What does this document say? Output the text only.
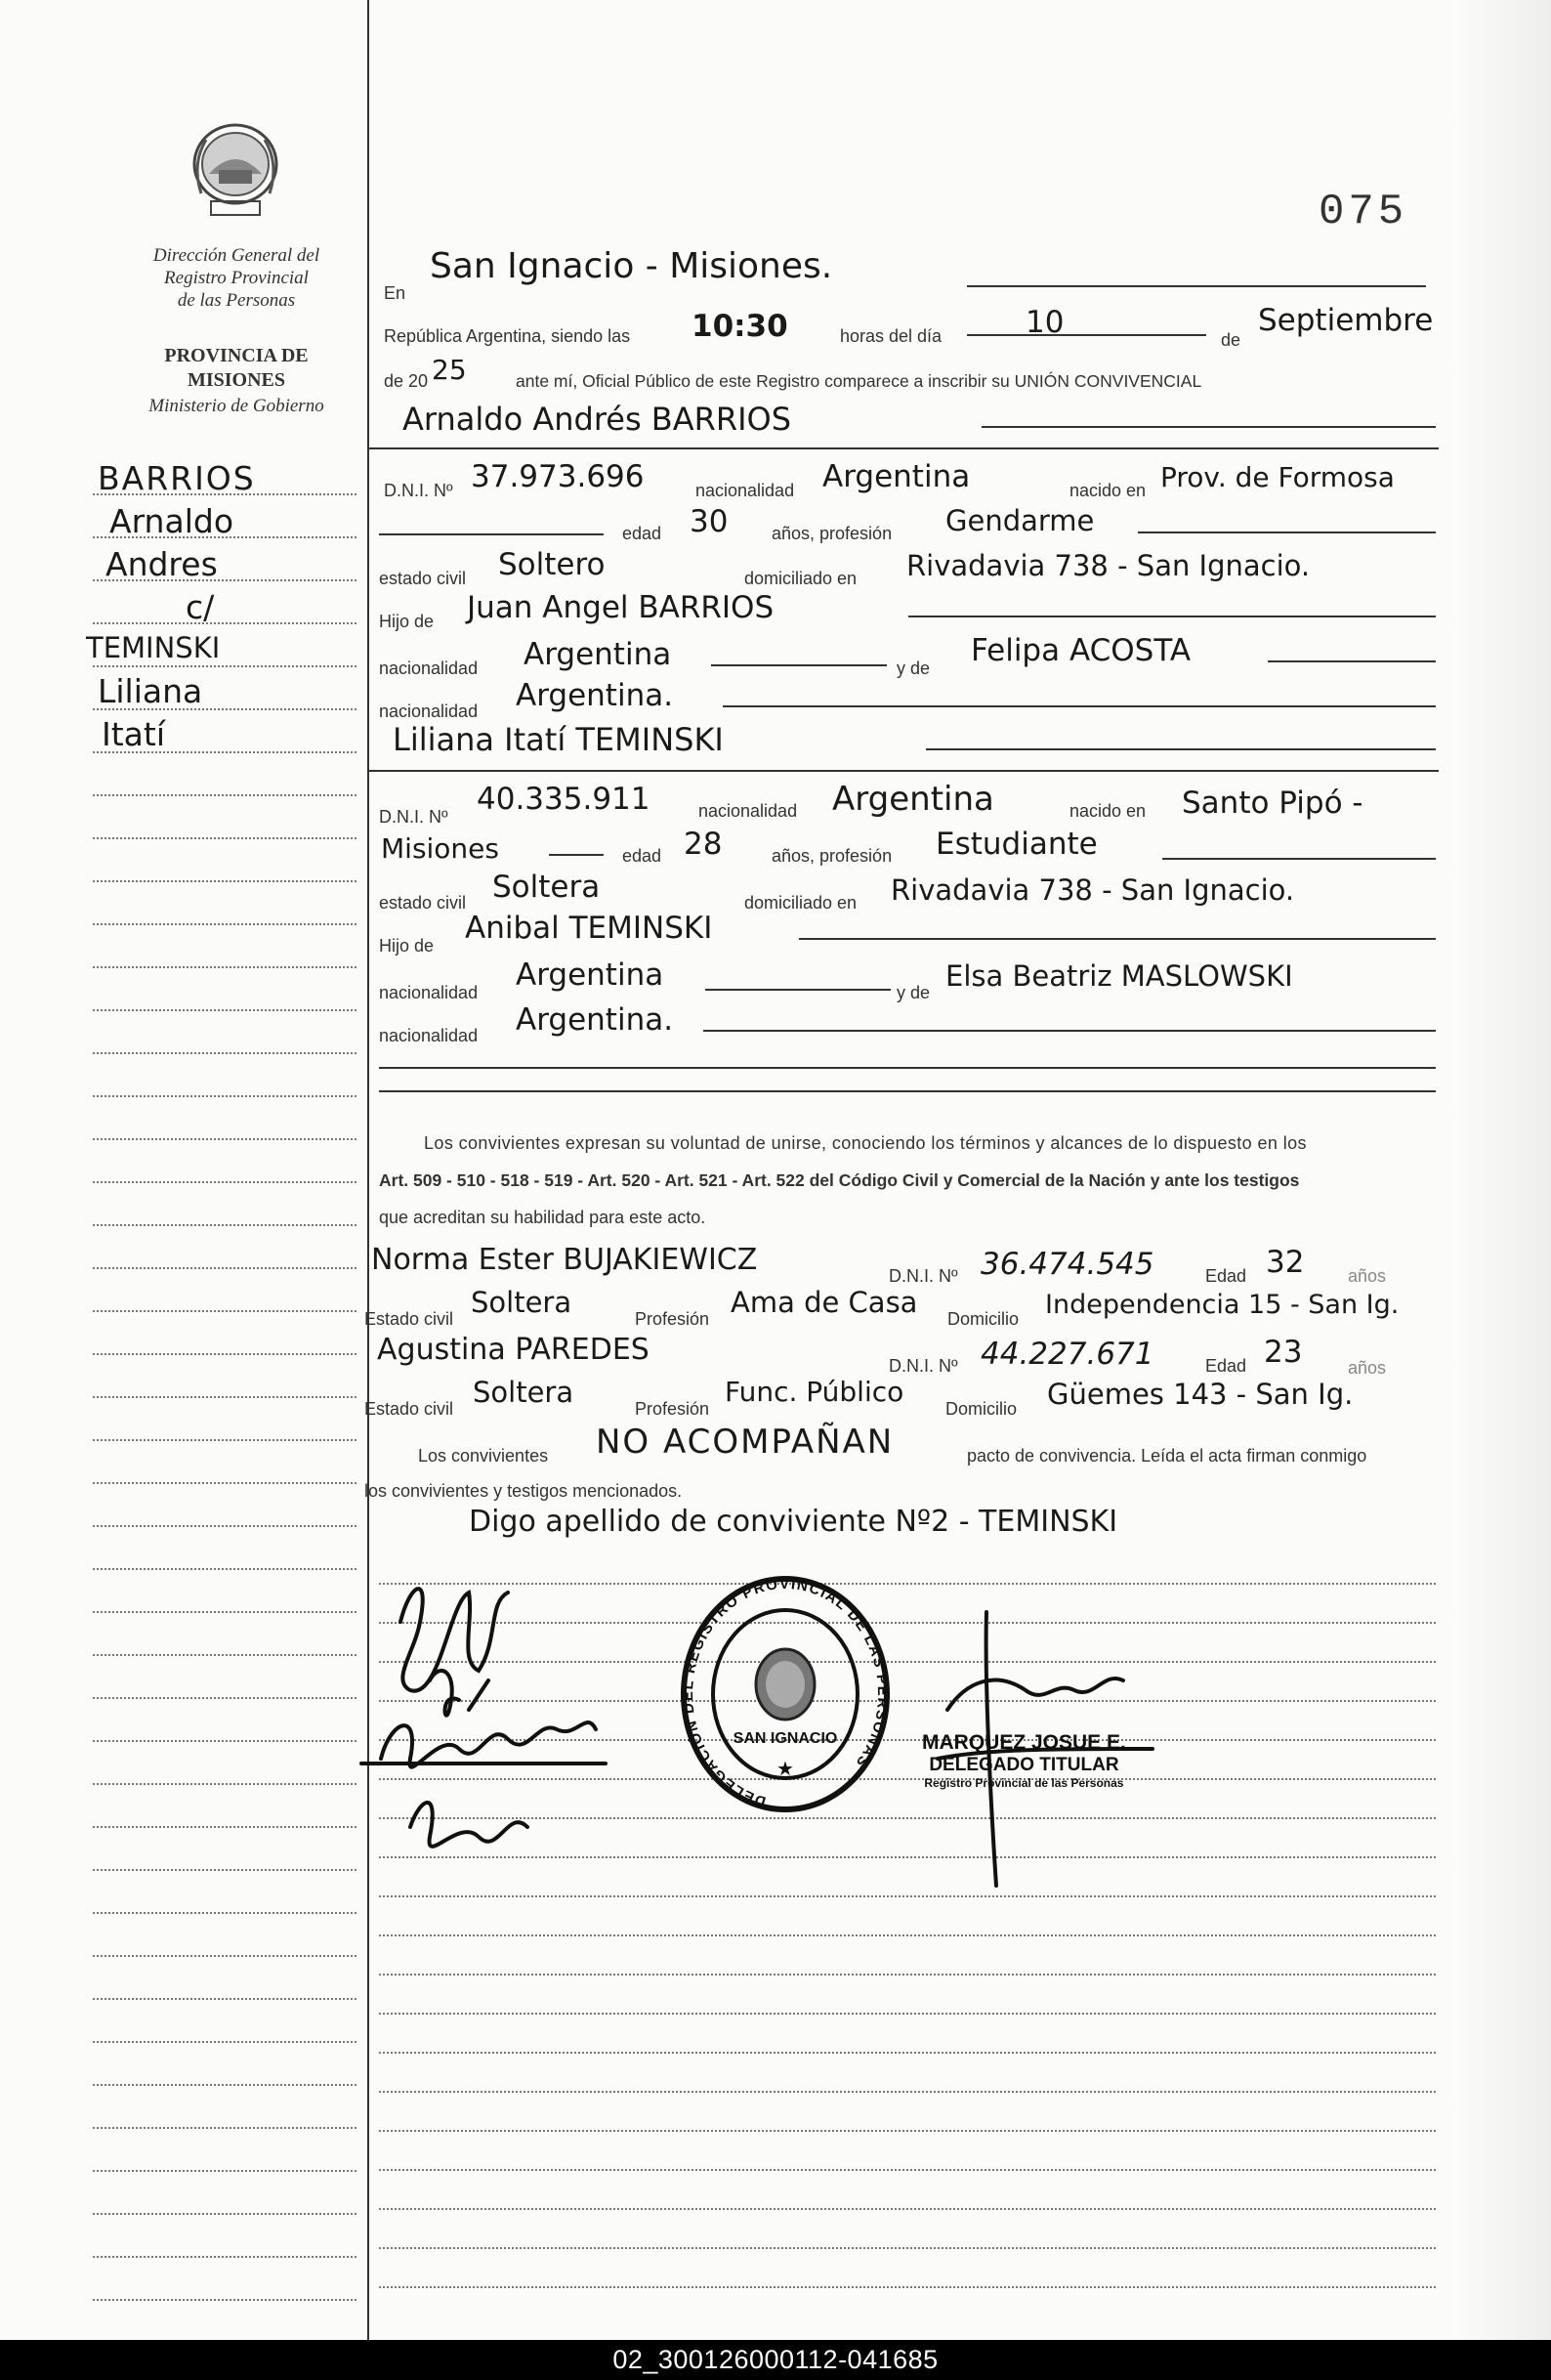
Dirección General del
Registro Provincial
de las Personas
PROVINCIA DE
MISIONES
Ministerio de Gobierno
075
BARRIOS
Arnaldo
Andres
c/
TEMINSKI
Liliana
Itatí
En
San Ignacio - Misiones.
República Argentina, siendo las 10:30	horas del día	10	de
Septiembre
de 20 25	ante mí, Oficial Público de este Registro comparece a inscribir su UNIÓN CONVIVENCIAL
Arnaldo Andrés BARRIOS
D.N.I. Nº 37.973.696	nacionalidad Argentina	nacido en Prov. de Formosa
edad 30 años, profesión Gendarme
estado civil Soltero	domiciliado en Rivadavia 738 - San Ignacio.
Hijo de Juan Angel BARRIOS
nacionalidad Argentina	y de Felipa ACOSTA
nacionalidad Argentina.
Liliana Itatí TEMINSKI
D.N.I. Nº 40.335.911	nacionalidad Argentina	nacido en Santo Pipó -
Misiones	edad 28	años, profesión Estudiante
estado civil Soltera	domiciliado en Rivadavia 738 - San Ignacio.
Hijo de Anibal TEMINSKI
nacionalidad Argentina	y de Elsa Beatriz MASLOWSKI
nacionalidad Argentina.
Los convivientes expresan su voluntad de unirse, conociendo los términos y alcances de lo dispuesto en los
Art. 509 - 510 - 518 - 519 - Art. 520 - Art. 521 - Art. 522 del Código Civil y Comercial de la Nación y ante los testigos
que acreditan su habilidad para este acto.
Norma Ester BUJAKIEWICZ	D.N.I. Nº 36.474.545	Edad 32 años
Estado civil Soltera	Profesión Ama de Casa Domicilio Independencia 15 - San Ig.
Agustina PAREDES	D.N.I. Nº 44.227.671	Edad 23	años
Estado civil Soltera	Profesión
Func. Público
Domicilio Güemes 143 - San Ig.
Los convivientes NO ACOMPAÑAN	pacto de convivencia. Leída el acta firman conmigo
los convivientes y testigos mencionados.
Digo apellido de conviviente Nº2 - TEMINSKI
DELEGACIÓN DEL REGISTRO PROVINCIAL DE LAS PERSONAS
SAN IGNACIO
★
MARQUEZ JOSUE E.
DELEGADO TITULAR
Registro Provincial de las Personas
02_300126000112-041685
